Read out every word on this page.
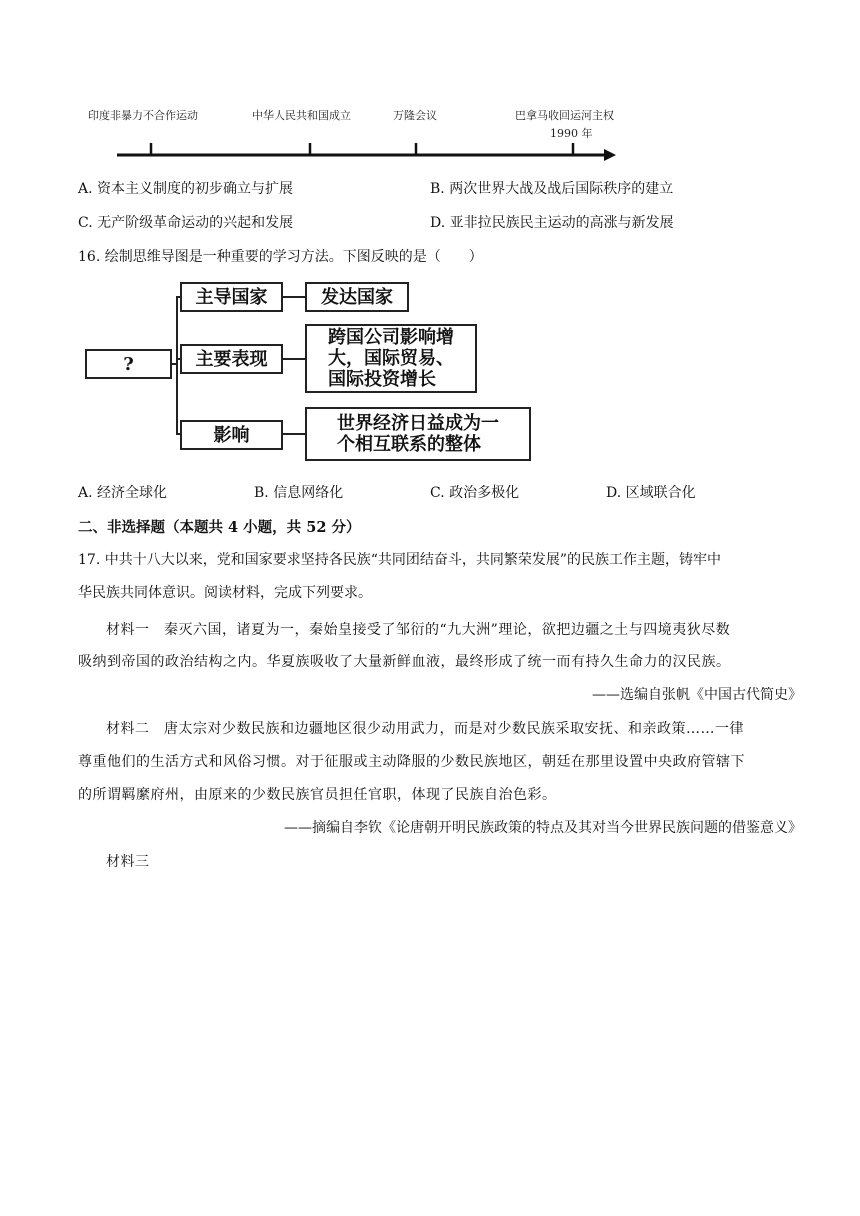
印度非暴力不合作运动	中华人民共和国成立	万隆会议	巴拿马收回运河主权
1990 年
A. 资本主义制度的初步确立与扩展	B. 两次世界大战及战后国际秩序的建立
C. 无产阶级革命运动的兴起和发展	D. 亚非拉民族民主运动的高涨与新发展
16. 绘制思维导图是一种重要的学习方法。下图反映的是（　　）
?
主导国家
主要表现
影响
发达国家
跨国公司影响增
大，国际贸易、
国际投资增长
世界经济日益成为一
个相互联系的整体
A. 经济全球化	B. 信息网络化	C. 政治多极化	D. 区域联合化
二、非选择题（本题共 4 小题，共 52 分）
17. 中共十八大以来，党和国家要求坚持各民族“共同团结奋斗，共同繁荣发展”的民族工作主题，铸牢中
华民族共同体意识。阅读材料，完成下列要求。
材料一　秦灭六国，诸夏为一，秦始皇接受了邹衍的“九大洲”理论，欲把边疆之土与四境夷狄尽数
吸纳到帝国的政治结构之内。华夏族吸收了大量新鲜血液，最终形成了统一而有持久生命力的汉民族。
——选编自张帆《中国古代简史》
材料二　唐太宗对少数民族和边疆地区很少动用武力，而是对少数民族采取安抚、和亲政策……一律
尊重他们的生活方式和风俗习惯。对于征服或主动降服的少数民族地区，朝廷在那里设置中央政府管辖下
的所谓羁縻府州，由原来的少数民族官员担任官职，体现了民族自治色彩。
——摘编自李钦《论唐朝开明民族政策的特点及其对当今世界民族问题的借鉴意义》
材料三
